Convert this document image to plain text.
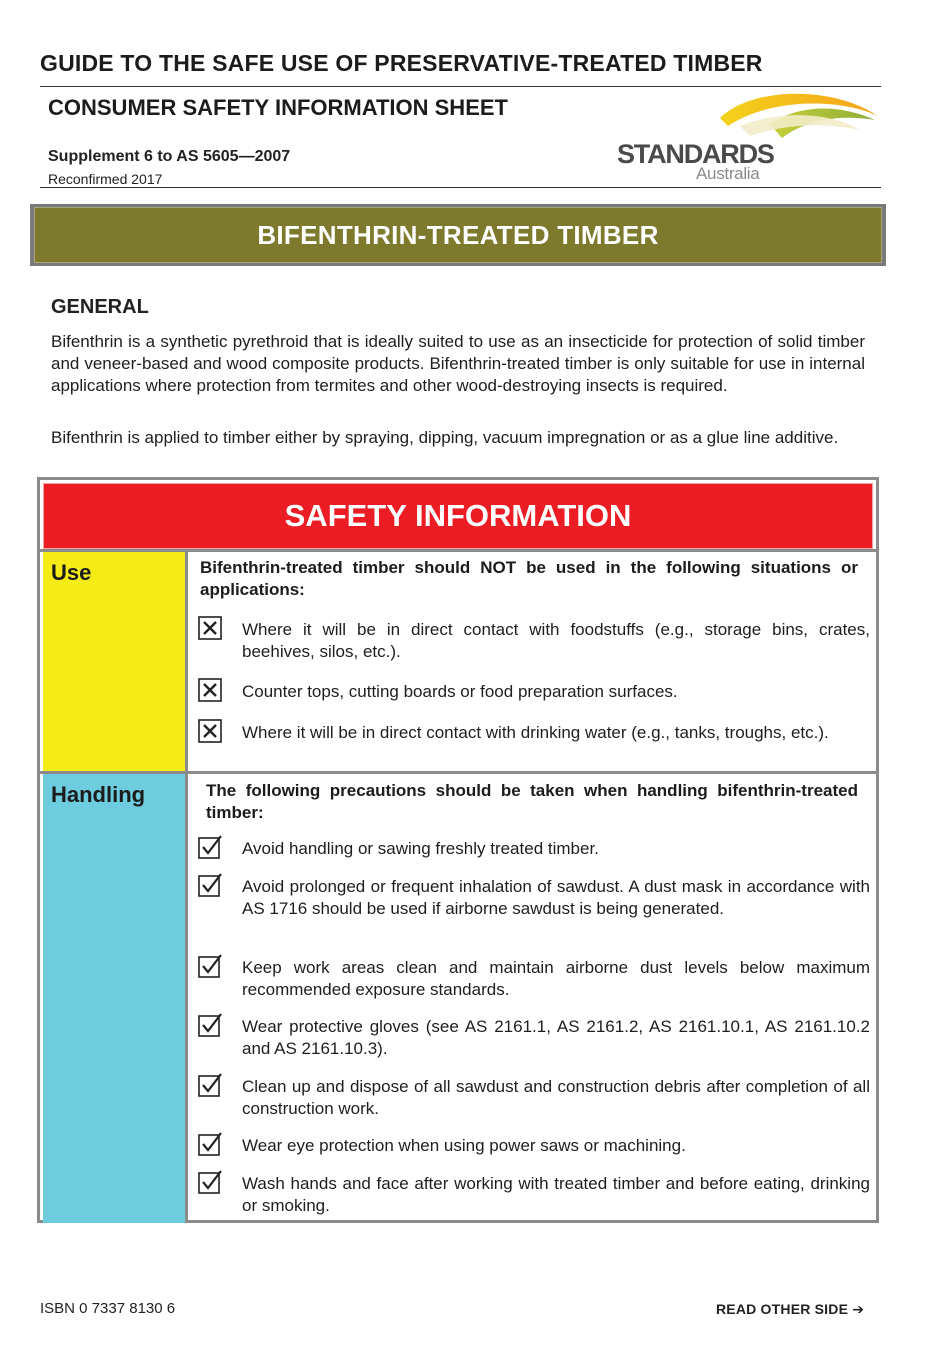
GUIDE TO THE SAFE USE OF PRESERVATIVE-TREATED TIMBER
CONSUMER SAFETY INFORMATION SHEET
Supplement 6 to AS 5605—2007
Reconfirmed 2017
STANDARDS
Australia
BIFENTHRIN-TREATED TIMBER
GENERAL
Bifenthrin is a synthetic pyrethroid that is ideally suited to use as an insecticide for protection of solid timber and veneer-based and wood composite products. Bifenthrin-treated timber is only suitable for use in internal applications where protection from termites and other wood-destroying insects is required.
Bifenthrin is applied to timber either by spraying, dipping, vacuum impregnation or as a glue line additive.
SAFETY INFORMATION
Use
Handling
Bifenthrin-treated timber should NOT be used in the following situations or applications:
Where it will be in direct contact with foodstuffs (e.g., storage bins, crates, beehives, silos, etc.).
Counter tops, cutting boards or food preparation surfaces.
Where it will be in direct contact with drinking water (e.g., tanks, troughs, etc.).
The following precautions should be taken when handling bifenthrin-treated timber:
Avoid handling or sawing freshly treated timber.
Avoid prolonged or frequent inhalation of sawdust. A dust mask in accordance with AS 1716 should be used if airborne sawdust is being generated.
Keep work areas clean and maintain airborne dust levels below maximum recommended exposure standards.
Wear protective gloves (see AS 2161.1, AS 2161.2, AS 2161.10.1, AS 2161.10.2 and AS 2161.10.3).
Clean up and dispose of all sawdust and construction debris after completion of all construction work.
Wear eye protection when using power saws or machining.
Wash hands and face after working with treated timber and before eating, drinking or smoking.
ISBN 0 7337 8130 6	READ OTHER SIDE ➔
